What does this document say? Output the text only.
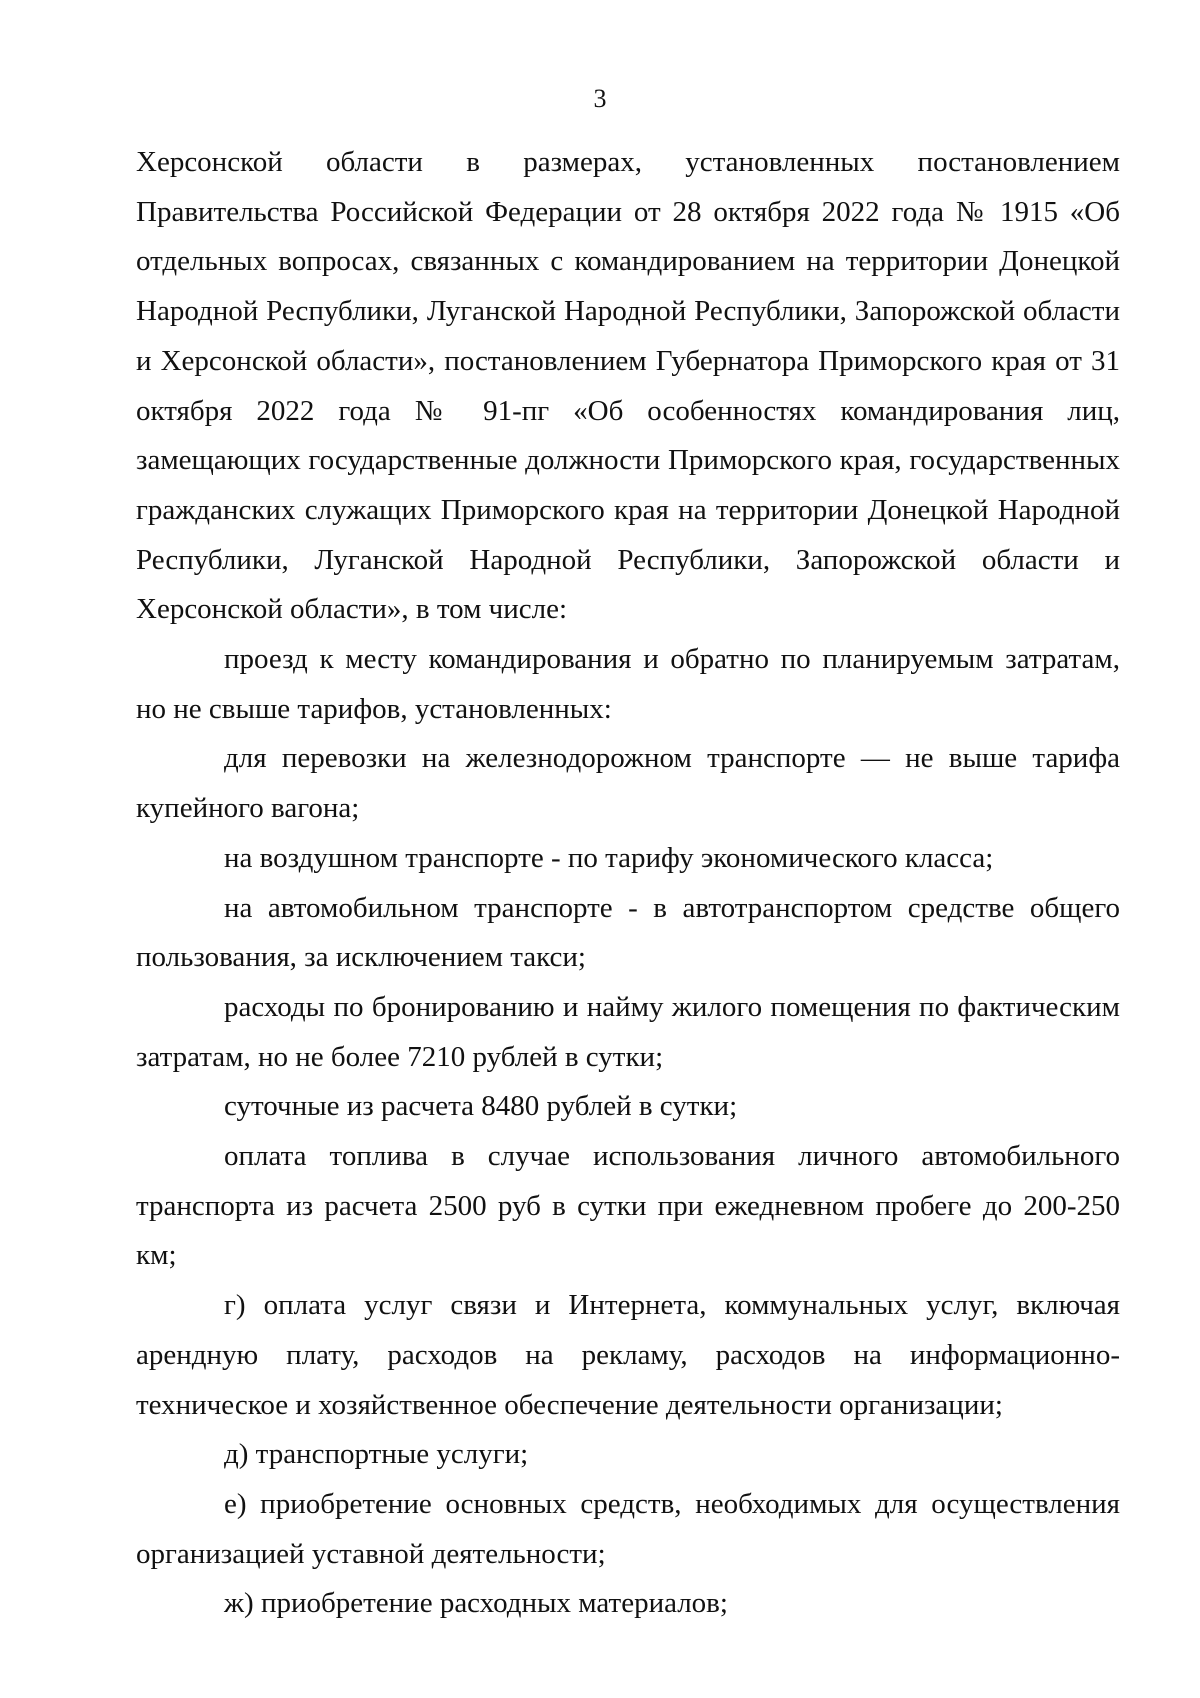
3

Херсонской области в размерах, установленных постановлением Правительства Российской Федерации от 28 октября 2022 года № 1915 «Об отдельных вопросах, связанных с командированием на территории Донецкой Народной Республики, Луганской Народной Республики, Запорожской области и Херсонской области», постановлением Губернатора Приморского края от 31 октября 2022 года № 91-пг «Об особенностях командирования лиц, замещающих государственные должности Приморского края, государственных гражданских служащих Приморского края на территории Донецкой Народной Республики, Луганской Народной Республики, Запорожской области и Херсонской области», в том числе:

проезд к месту командирования и обратно по планируемым затратам, но не свыше тарифов, установленных:

для перевозки на железнодорожном транспорте — не выше тарифа купейного вагона;

на воздушном транспорте - по тарифу экономического класса;

на автомобильном транспорте - в автотранспортом средстве общего пользования, за исключением такси;

расходы по бронированию и найму жилого помещения по фактическим затратам, но не более 7210 рублей в сутки;

суточные из расчета 8480 рублей в сутки;

оплата топлива в случае использования личного автомобильного транспорта из расчета 2500 руб в сутки при ежедневном пробеге до 200-250 км;

г) оплата услуг связи и Интернета, коммунальных услуг, включая арендную плату, расходов на рекламу, расходов на информационно-техническое и хозяйственное обеспечение деятельности организации;

д) транспортные услуги;

е) приобретение основных средств, необходимых для осуществления организацией уставной деятельности;

ж) приобретение расходных материалов;
